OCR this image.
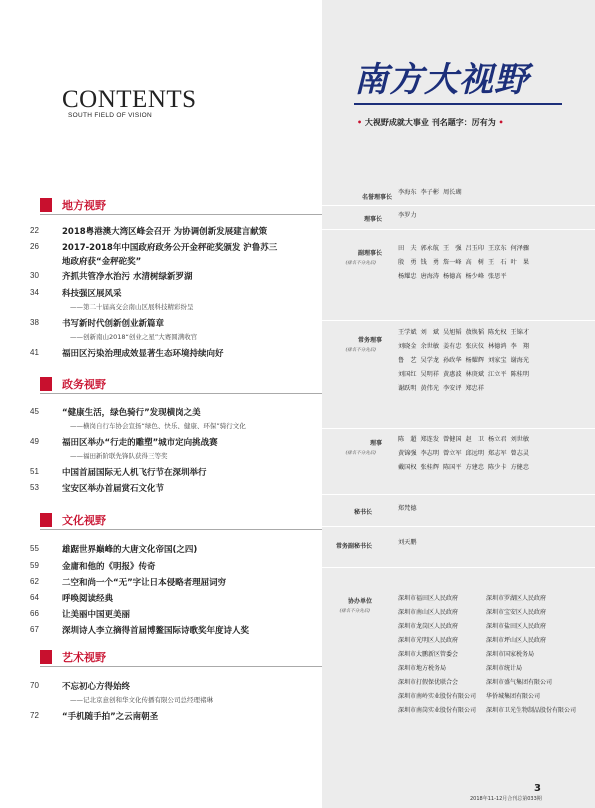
CONTENTS
SOUTH FIELD OF VISION
地方视野
22	2018粤港澳大湾区峰会召开 为协调创新发展建言献策
26	2017-2018年中国政府政务公开金秤砣奖颁发 沪鲁苏三
地政府获“金秤砣奖”
30	齐抓共管净水治污 水清树绿新罗湖
34	科技强区展风采
——第二十届高交会南山区展科技精彩纷呈
38	书写新时代创新创业新篇章
——创新南山2018“创业之星”大赛圆满收官
41	福田区污染治理成效显著生态环境持续向好
政务视野
45	“健康生活，绿色骑行”发现横岗之美
——横岗自行车协会宣扬“绿色、快乐、健康、环保”骑行文化
49	福田区举办“行走的雕塑”城市定向挑战赛
——福田新阶联先锋队获得三等奖
51	中国首届国际无人机飞行节在深圳举行
53	宝安区举办首届赏石文化节
文化视野
55	雄踞世界巅峰的大唐文化帝国(之四)
59	金庸和他的《明报》传奇
62	二空和尚一个“无”字让日本侵略者理屈词穷
64	呼唤阅读经典
66	让美丽中国更美丽
67	深圳诗人李立摘得首届博鳌国际诗歌奖年度诗人奖
艺术视野
70	不忘初心方得始终
——记北京意创和华文化传播有限公司总经理褚琳
72	“手机随手拍”之云南朝圣
南方大视野
• 大视野成就大事业 刊名题字：厉有为 •
名誉理事长
李海东 李子彬 周长瑚
理事长
李罗力
副理事长
(排名不分先后)
田　夫 郭永航 王　强 吕玉印 王京东 何泽骤
殷　勇 钱　勇 詹一峰 高　树 王　石 叶　果
杨耀忠 唐海涛 杨德高 杨少峰 张思平
常务理事
(排名不分先后)
王学斌 刘　斌 吴旭韬 敖焕韬 陈允权 王锦才
刘晓金 余世敏 姜有忠 张庆仪 林德鸿 李　翔
鲁　艺 吴学龙 孙政华 杨耀辉 刘家宝 谢海光
刘国红 吴明祥 黄惠波 林庚斌 江立平 陈桂明
谢跃明 黄伟光 李安评 郑忠祥
理事
(排名不分先后)
陈　超 郑连发 曾健国 赵　卫 杨立君 刘世敏
黄锦强 李志明 曾立军 邱远明 郑志军 曾志灵
戴国权 张桂辉 陈国平 方建忠 陈少卡 方健忠
秘书长
郑梵德
常务副秘书长
刘天鹏
协办单位
(排名不分先后)
深圳市福田区人民政府	深圳市罗湖区人民政府
深圳市南山区人民政府	深圳市宝安区人民政府
深圳市龙岗区人民政府	深圳市盐田区人民政府
深圳市光明区人民政府	深圳市坪山区人民政府
深圳市大鹏新区管委会	深圳市国家税务局
深圳市地方税务局	深圳市统计局
深圳市打假保优联合会	深圳市盛气集团有限公司
深圳市南岭实业股份有限公司 华侨城集团有限公司
深圳市南岗实业股份有限公司 深圳市卫光生物制品股份有限公司
3
2018年11-12月合刊总第033期
